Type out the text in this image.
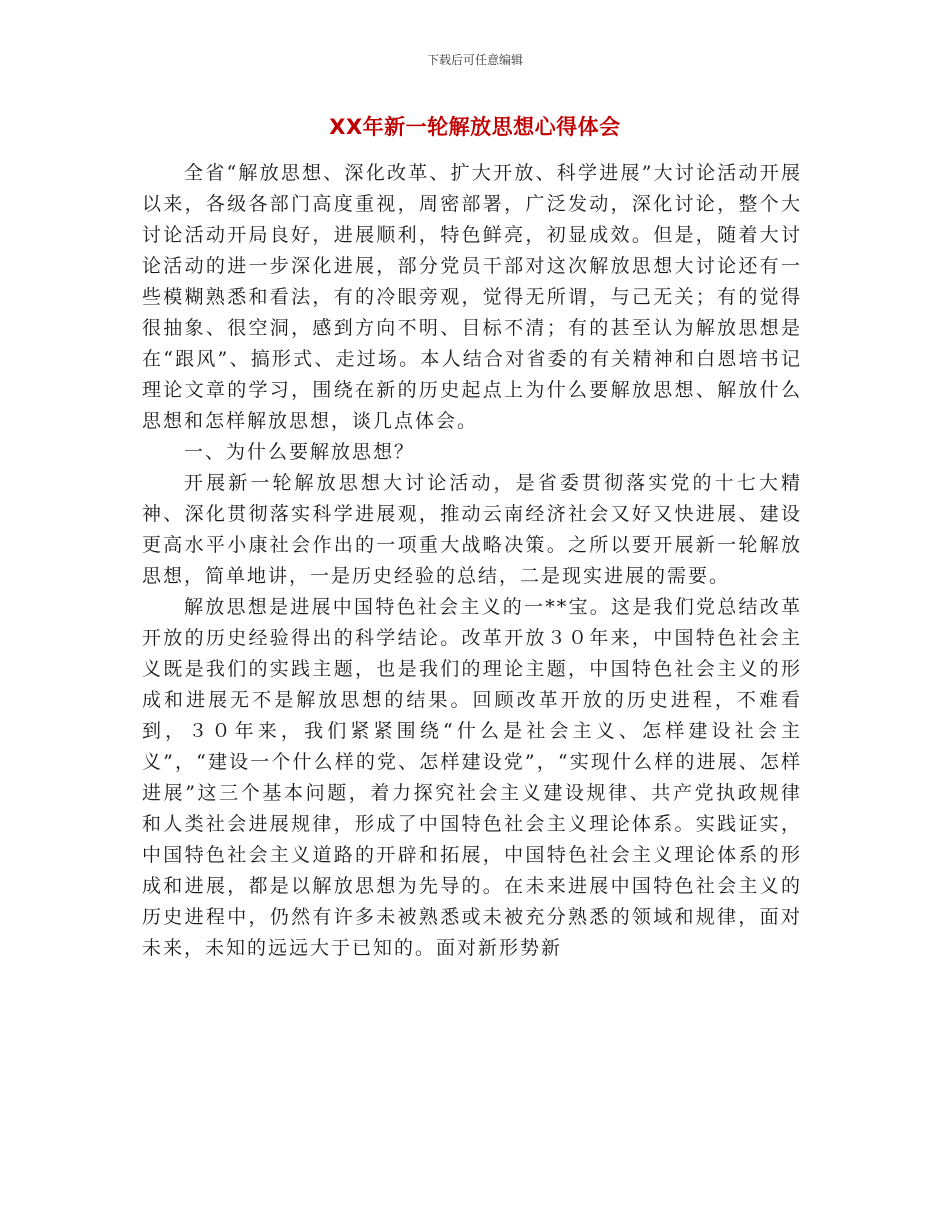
下载后可任意编辑
XX年新一轮解放思想心得体会

全省“解放思想、深化改革、扩大开放、科学进展”大讨论活动开展以来，各级各部门高度重视，周密部署，广泛发动，深化讨论，整个大讨论活动开局良好，进展顺利，特色鲜亮，初显成效。但是，随着大讨论活动的进一步深化进展，部分党员干部对这次解放思想大讨论还有一些模糊熟悉和看法，有的冷眼旁观，觉得无所谓，与己无关；有的觉得很抽象、很空洞，感到方向不明、目标不清；有的甚至认为解放思想是在“跟风”、搞形式、走过场。本人结合对省委的有关精神和白恩培书记理论文章的学习，围绕在新的历史起点上为什么要解放思想、解放什么思想和怎样解放思想，谈几点体会。

一、为什么要解放思想？

开展新一轮解放思想大讨论活动，是省委贯彻落实党的十七大精神、深化贯彻落实科学进展观，推动云南经济社会又好又快进展、建设更高水平小康社会作出的一项重大战略决策。之所以要开展新一轮解放思想，简单地讲，一是历史经验的总结，二是现实进展的需要。

解放思想是进展中国特色社会主义的一**宝。这是我们党总结改革开放的历史经验得出的科学结论。改革开放３０年来，中国特色社会主义既是我们的实践主题，也是我们的理论主题，中国特色社会主义的形成和进展无不是解放思想的结果。回顾改革开放的历史进程，不难看到，３０年来，我们紧紧围绕“什么是社会主义、怎样建设社会主义”，“建设一个什么样的党、怎样建设党”，“实现什么样的进展、怎样进展”这三个基本问题，着力探究社会主义建设规律、共产党执政规律和人类社会进展规律，形成了中国特色社会主义理论体系。实践证实，中国特色社会主义道路的开辟和拓展，中国特色社会主义理论体系的形成和进展，都是以解放思想为先导的。在未来进展中国特色社会主义的历史进程中，仍然有许多未被熟悉或未被充分熟悉的领域和规律，面对未来，未知的远远大于已知的。面对新形势新
